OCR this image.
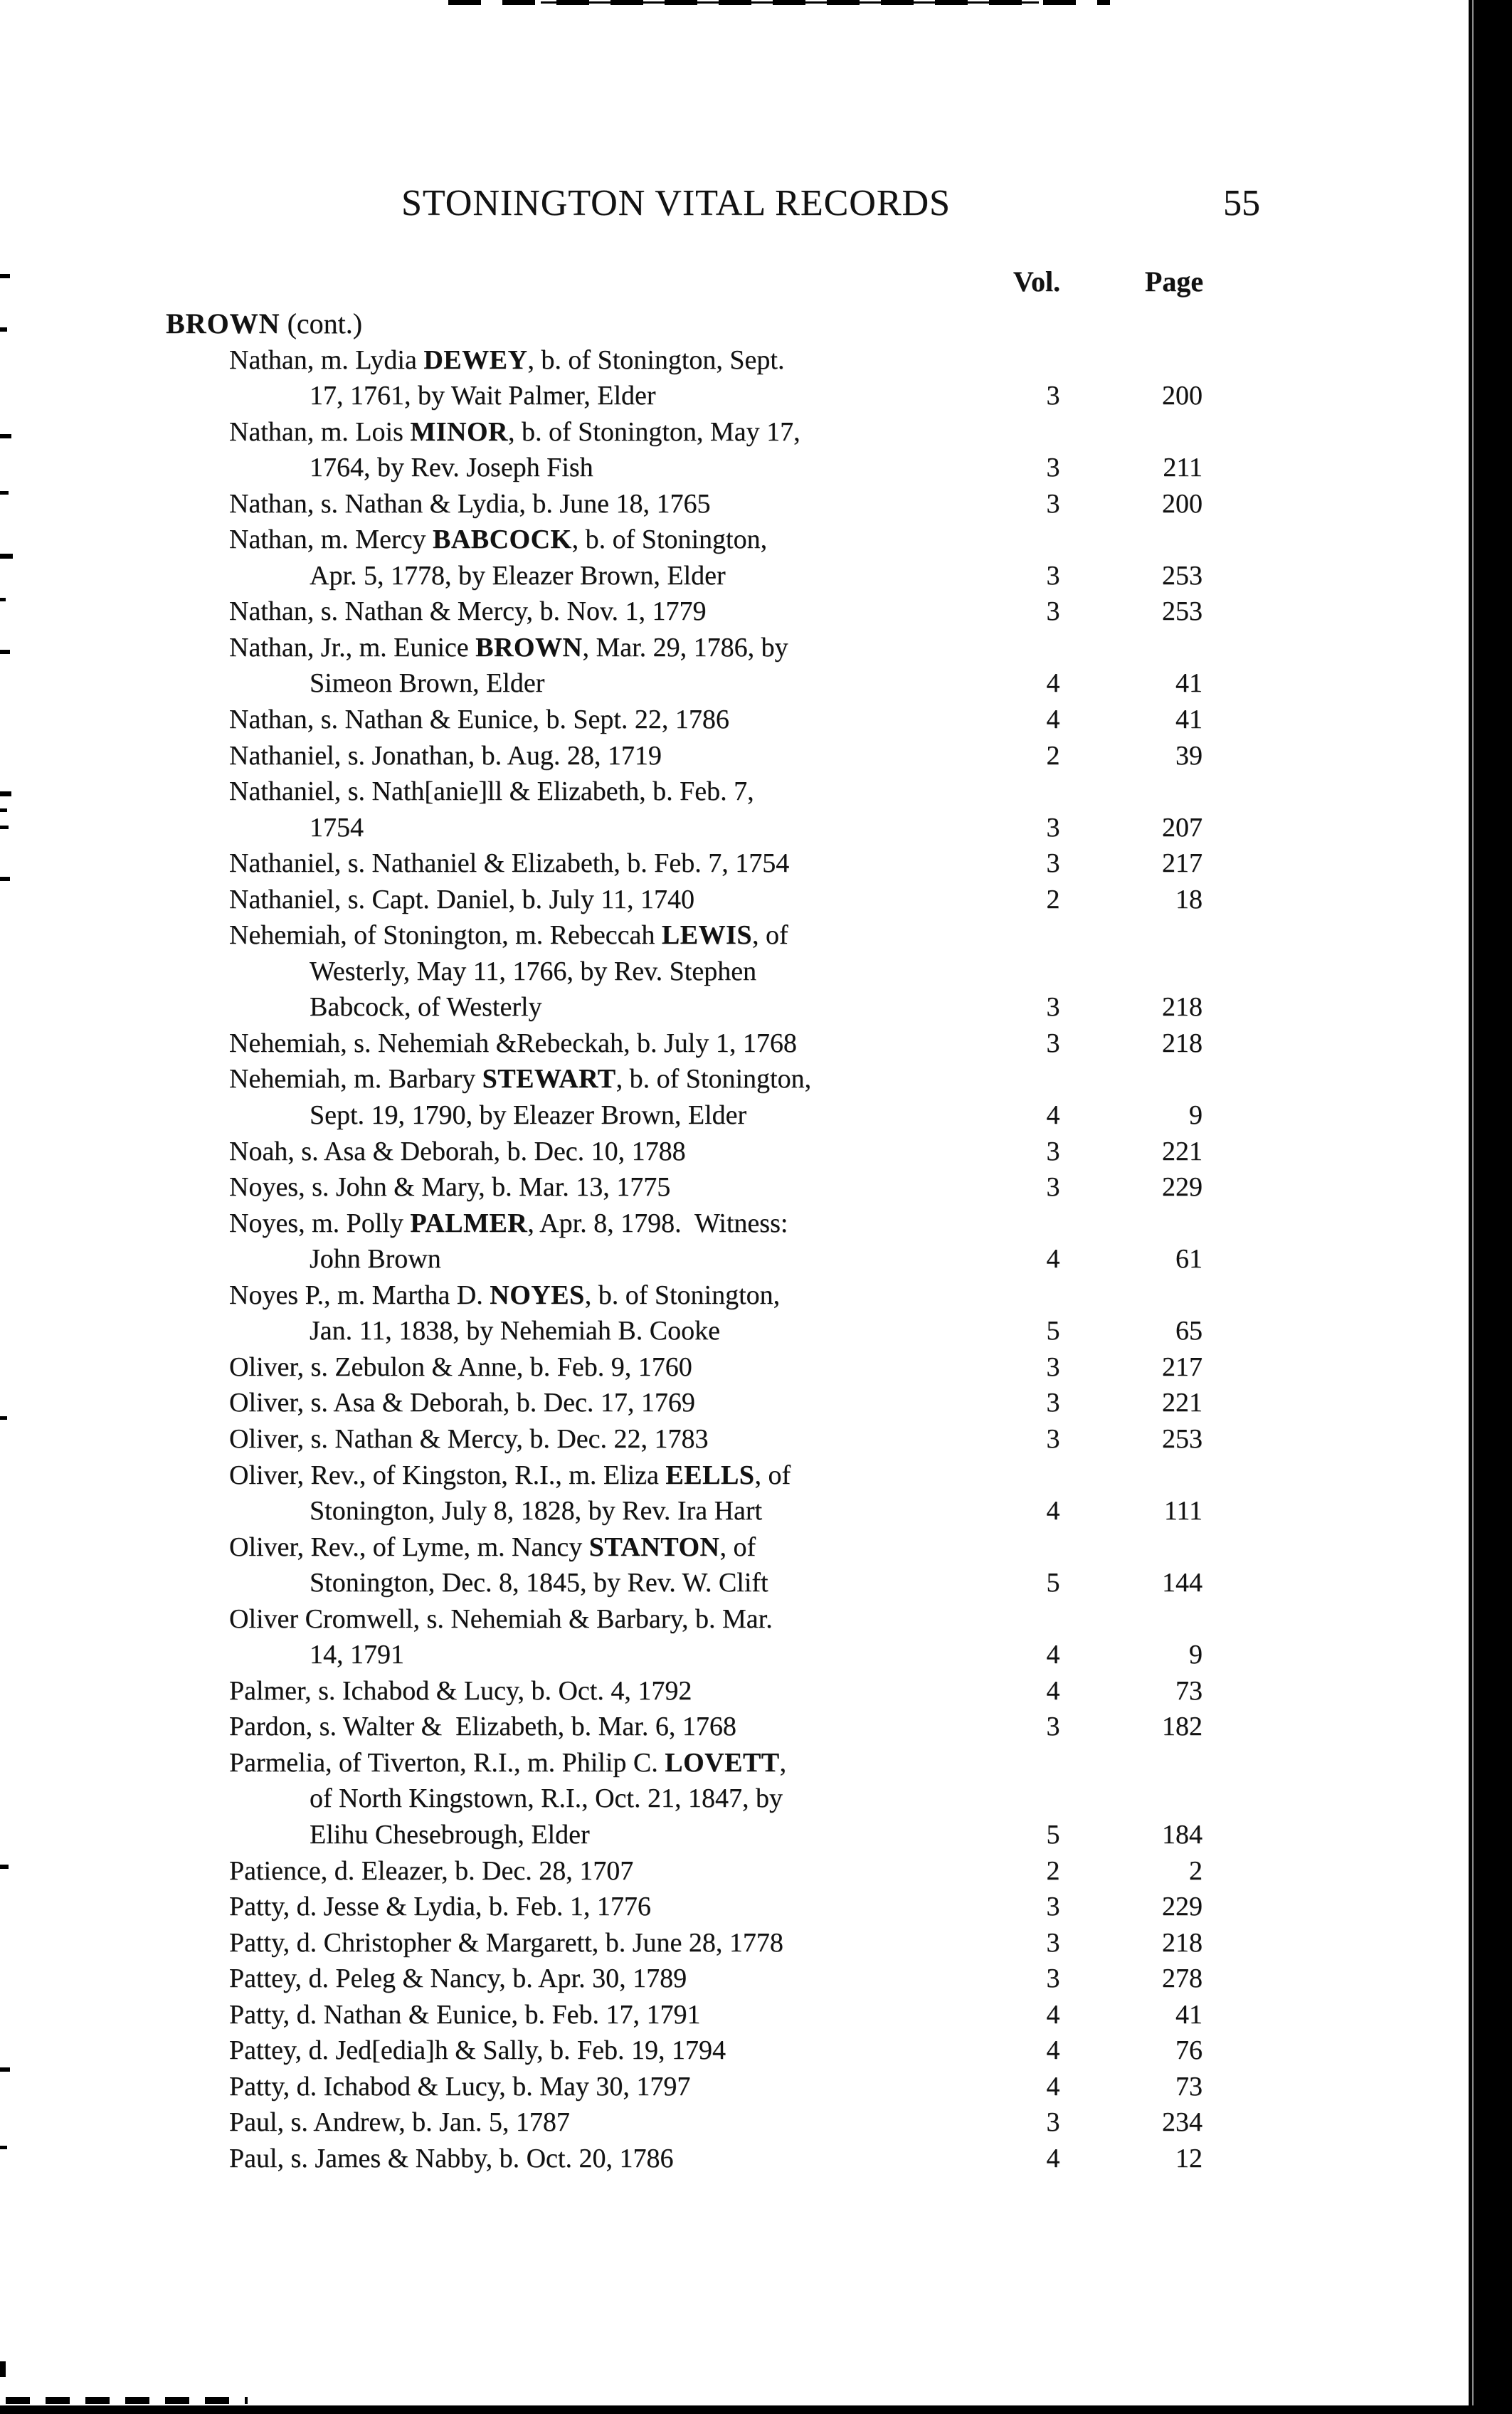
STONINGTON VITAL RECORDS	55
Vol.	Page
BROWN (cont.)
Nathan, m. Lydia DEWEY, b. of Stonington, Sept.
17, 1761, by Wait Palmer, Elder	3	200
Nathan, m. Lois MINOR, b. of Stonington, May 17,
1764, by Rev. Joseph Fish	3	211
Nathan, s. Nathan & Lydia, b. June 18, 1765	3	200
Nathan, m. Mercy BABCOCK, b. of Stonington,
Apr. 5, 1778, by Eleazer Brown, Elder	3	253
Nathan, s. Nathan & Mercy, b. Nov. 1, 1779	3	253
Nathan, Jr., m. Eunice BROWN, Mar. 29, 1786, by
Simeon Brown, Elder	4	41
Nathan, s. Nathan & Eunice, b. Sept. 22, 1786	4	41
Nathaniel, s. Jonathan, b. Aug. 28, 1719	2	39
Nathaniel, s. Nath[anie]ll & Elizabeth, b. Feb. 7,
1754	3	207
Nathaniel, s. Nathaniel & Elizabeth, b. Feb. 7, 1754	3	217
Nathaniel, s. Capt. Daniel, b. July 11, 1740	2	18
Nehemiah, of Stonington, m. Rebeccah LEWIS, of
Westerly, May 11, 1766, by Rev. Stephen
Babcock, of Westerly	3	218
Nehemiah, s. Nehemiah &Rebeckah, b. July 1, 1768	3	218
Nehemiah, m. Barbary STEWART, b. of Stonington,
Sept. 19, 1790, by Eleazer Brown, Elder	4	9
Noah, s. Asa & Deborah, b. Dec. 10, 1788	3	221
Noyes, s. John & Mary, b. Mar. 13, 1775	3	229
Noyes, m. Polly PALMER, Apr. 8, 1798.  Witness:
John Brown	4	61
Noyes P., m. Martha D. NOYES, b. of Stonington,
Jan. 11, 1838, by Nehemiah B. Cooke	5	65
Oliver, s. Zebulon & Anne, b. Feb. 9, 1760	3	217
Oliver, s. Asa & Deborah, b. Dec. 17, 1769	3	221
Oliver, s. Nathan & Mercy, b. Dec. 22, 1783	3	253
Oliver, Rev., of Kingston, R.I., m. Eliza EELLS, of
Stonington, July 8, 1828, by Rev. Ira Hart	4	111
Oliver, Rev., of Lyme, m. Nancy STANTON, of
Stonington, Dec. 8, 1845, by Rev. W. Clift	5	144
Oliver Cromwell, s. Nehemiah & Barbary, b. Mar.
14, 1791	4	9
Palmer, s. Ichabod & Lucy, b. Oct. 4, 1792	4	73
Pardon, s. Walter &  Elizabeth, b. Mar. 6, 1768	3	182
Parmelia, of Tiverton, R.I., m. Philip C. LOVETT,
of North Kingstown, R.I., Oct. 21, 1847, by
Elihu Chesebrough, Elder	5	184
Patience, d. Eleazer, b. Dec. 28, 1707	2	2
Patty, d. Jesse & Lydia, b. Feb. 1, 1776	3	229
Patty, d. Christopher & Margarett, b. June 28, 1778	3	218
Pattey, d. Peleg & Nancy, b. Apr. 30, 1789	3	278
Patty, d. Nathan & Eunice, b. Feb. 17, 1791	4	41
Pattey, d. Jed[edia]h & Sally, b. Feb. 19, 1794	4	76
Patty, d. Ichabod & Lucy, b. May 30, 1797	4	73
Paul, s. Andrew, b. Jan. 5, 1787	3	234
Paul, s. James & Nabby, b. Oct. 20, 1786	4	12
